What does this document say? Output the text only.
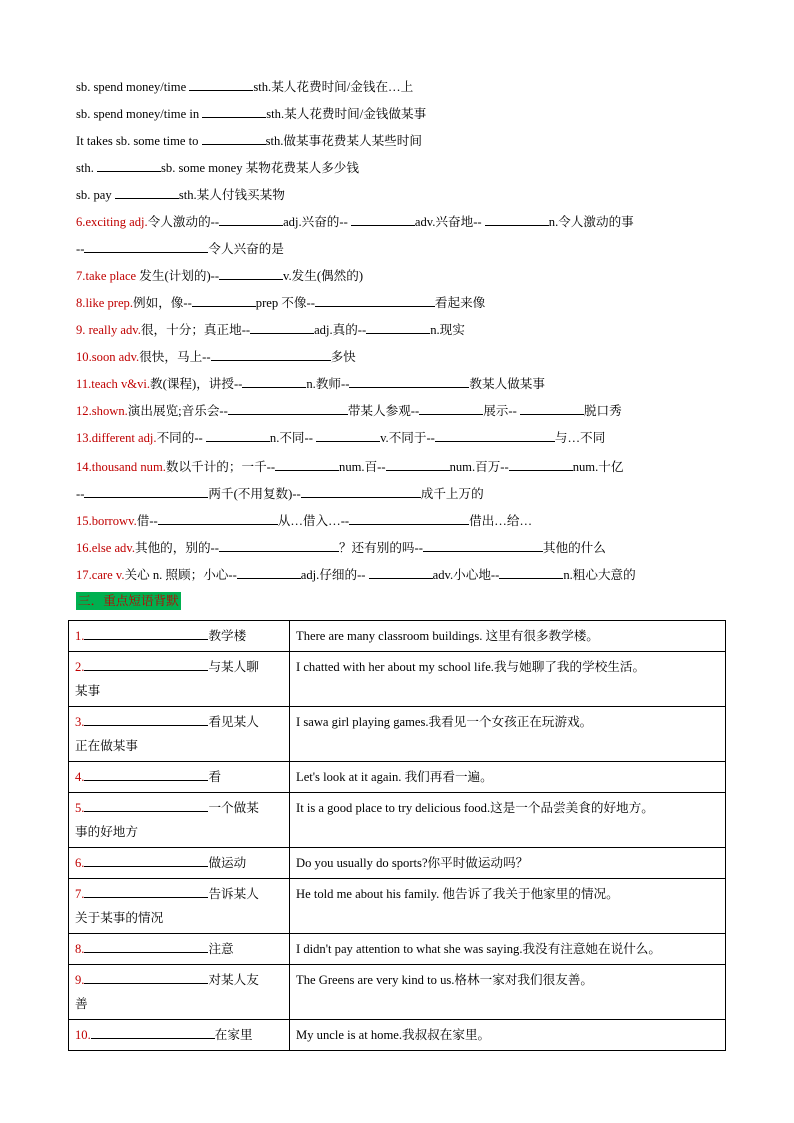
sb. spend money/time	sth.某人花费时间/金钱在…上
sb. spend money/time in	sth.某人花费时间/金钱做某事
It takes sb. some time to	sth.做某事花费某人某些时间
sth.	sb. some money 某物花费某人多少钱
sb. pay	sth.某人付钱买某物
6.exciting adj.令人激动的--	adj.兴奋的--	adv.兴奋地--	n.令人激动的事
--	令人兴奋的是
7.take place 发生(计划的)--	v.发生(偶然的)
8.like prep.例如，像--	prep 不像--	看起来像
9. really adv.很，十分；真正地--	adj.真的--	n.现实
10.soon adv.很快，马上--	多快
11.teach v&vi.教(课程)，讲授--	n.教师--	教某人做某事
12.shown.演出展览;音乐会--	带某人参观--	展示--	脱口秀
13.different adj.不同的--	n.不同--	v.不同于--	与…不同
14.thousand num.数以千计的；一千--	num.百--	num.百万--	num.十亿
--	两千(不用复数)--	成千上万的
15.borrowv.借--	从…借入…--	借出…给…
16.else adv.其他的，别的--	？还有别的吗--	其他的什么
17.care v.关心 n. 照顾；小心--	adj.仔细的--	adv.小心地--	n.粗心大意的
三．重点短语背默
1. 教学楼	There are many classroom buildings. 这里有很多教学楼。
2. 与某人聊
某事	I chatted with her about my school life.我与她聊了我的学校生活。
3. 看见某人
正在做某事	I sawa girl playing games.我看见一个女孩正在玩游戏。
4. 看	Let's look at it again. 我们再看一遍。
5. 一个做某
事的好地方	It is a good place to try delicious food.这是一个品尝美食的好地方。
6. 做运动	Do you usually do sports?你平时做运动吗？
7. 告诉某人
关于某事的情况	He told me about his family. 他告诉了我关于他家里的情况。
8. 注意	I didn't pay attention to what she was saying.我没有注意她在说什么。
9. 对某人友
善	The Greens are very kind to us.格林一家对我们很友善。
10. 在家里	My uncle is at home.我叔叔在家里。
